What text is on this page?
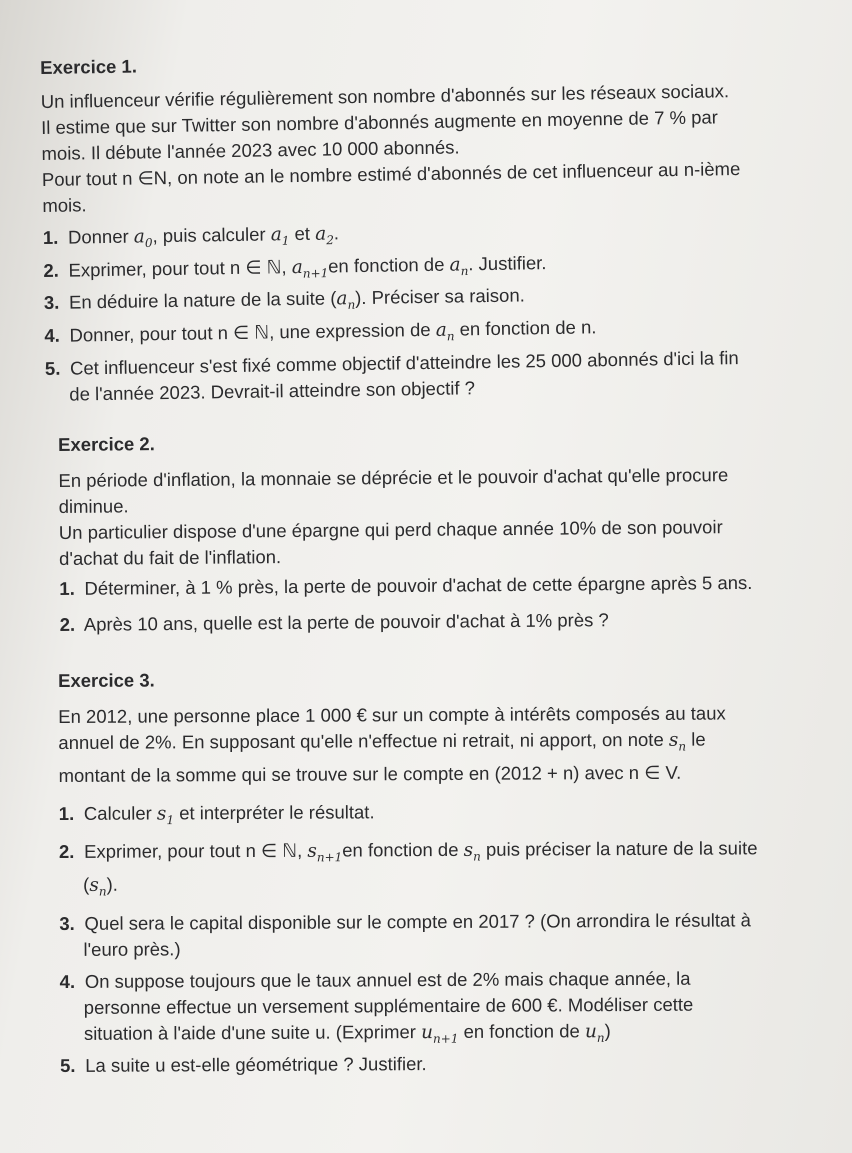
Exercice 1.
Un influenceur vérifie régulièrement son nombre d'abonnés sur les réseaux sociaux.
Il estime que sur Twitter son nombre d'abonnés augmente en moyenne de 7 % par
mois. Il débute l'année 2023 avec 10 000 abonnés.
Pour tout n ∈N, on note an le nombre estimé d'abonnés de cet influenceur au n-ième
mois.
1. Donner $a_0$, puis calculer $a_1$ et $a_2$.
2. Exprimer, pour tout n ∈ ℕ, $a_{n+1}en$ fonction de $a_n$. Justifier.
3. En déduire la nature de la suite $(a_n)$. Préciser sa raison.
4. Donner, pour tout n ∈ ℕ, une expression de $a_n$ en fonction de n.
5. Cet influenceur s'est fixé comme objectif d'atteindre les 25 000 abonnés d'ici la fin
de l'année 2023. Devrait-il atteindre son objectif ?
Exercice 2.
En période d'inflation, la monnaie se déprécie et le pouvoir d'achat qu'elle procure
diminue.
Un particulier dispose d'une épargne qui perd chaque année 10% de son pouvoir
d'achat du fait de l'inflation.
1. Déterminer, à 1 % près, la perte de pouvoir d'achat de cette épargne après 5 ans.
2. Après 10 ans, quelle est la perte de pouvoir d'achat à 1% près ?
Exercice 3.
En 2012, une personne place 1 000 € sur un compte à intérêts composés au taux
annuel de 2%. En supposant qu'elle n'effectue ni retrait, ni apport, on note $s_n$ le
montant de la somme qui se trouve sur le compte en (2012 + n) avec n ∈ V.
1. Calculer $s_1$ et interpréter le résultat.
2. Exprimer, pour tout n ∈ ℕ, $s_{n+1}en$ fonction de $s_n$ puis préciser la nature de la suite
$(s_n)$.
3. Quel sera le capital disponible sur le compte en 2017 ? (On arrondira le résultat à
l'euro près.)
4. On suppose toujours que le taux annuel est de 2% mais chaque année, la
personne effectue un versement supplémentaire de 600 €. Modéliser cette
situation à l'aide d'une suite u. (Exprimer $u_{n+1}$ en fonction de $u_n$)
5. La suite u est-elle géométrique ? Justifier.
